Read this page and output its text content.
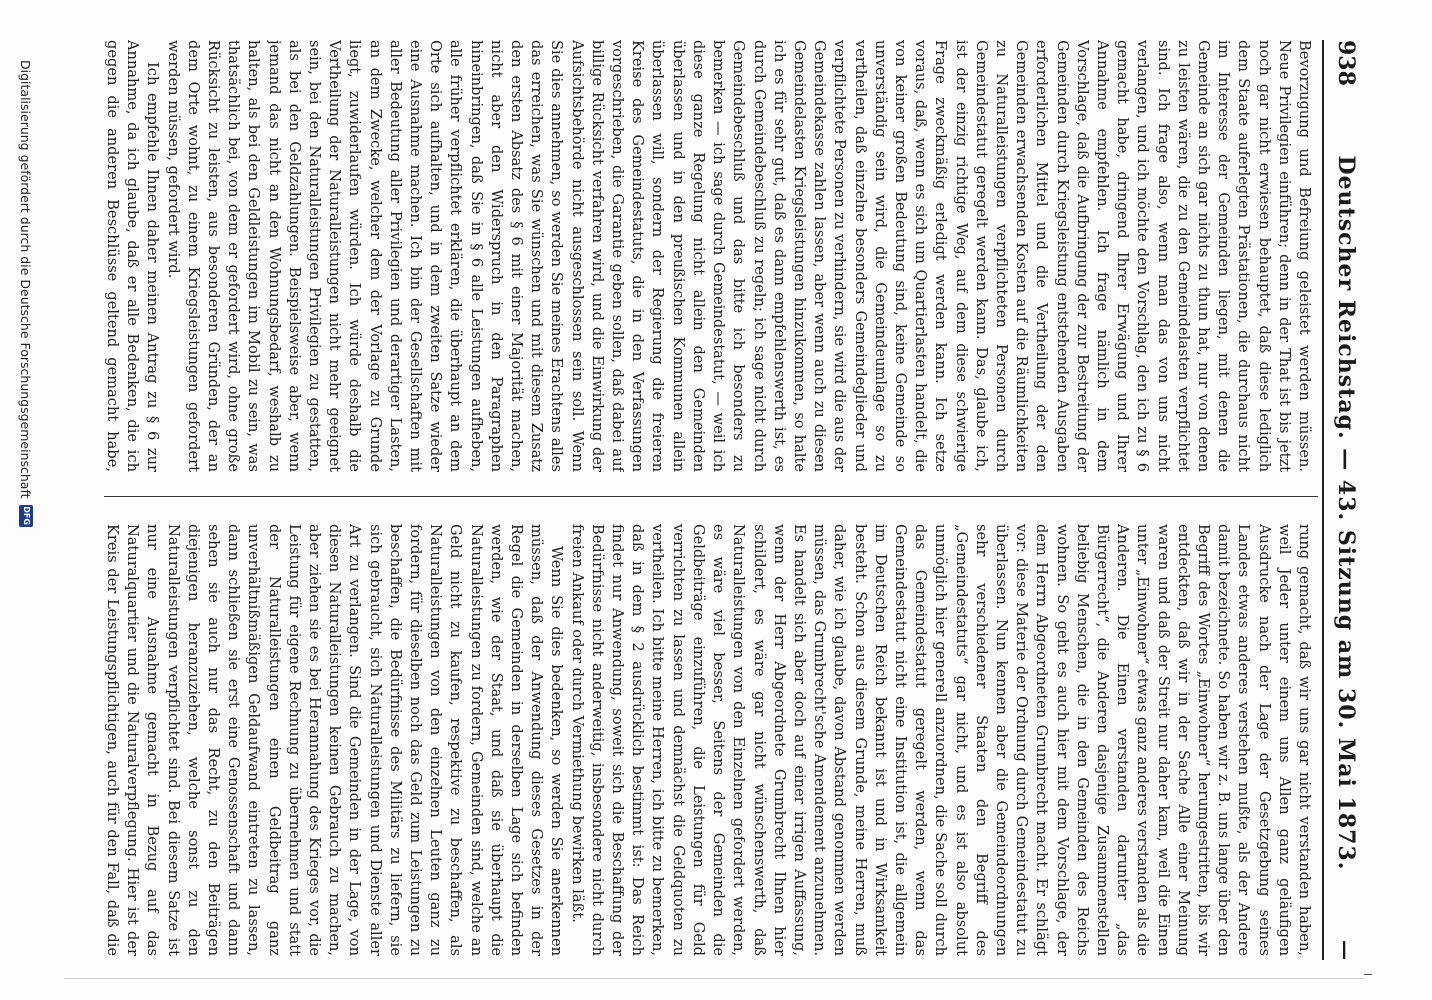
938
Deutscher Reichstag. — 43. Sitzung am 30. Mai 1873.
—

Bevorzugung und Befreiung geleistet werden müssen. Neue Privilegien einführen; denn in der That ist bis jetzt noch gar nicht erwiesen behauptet, daß diese lediglich dem Staate auferlegten Prästationen, die durchaus nicht im Interesse der Gemeinden liegen, mit denen die Gemeinde an sich gar nichts zu thun hat, nur von denen zu leisten wären, die zu den Gemeindelasten verpflichtet sind. Ich frage also, wenn man das von uns nicht verlangen, und ich möchte den Vorschlag, den ich zu § 6 gemacht habe, dringend Ihrer Erwägung und Ihrer Annahme empfehlen. Ich frage nämlich in dem Vorschlage, daß die Aufbringung der zur Bestreitung der Gemeinden durch Kriegsleistung entstehenden Ausgaben erforderlichen Mittel und die Vertheilung der den Gemeinden erwachsenden Kosten auf die Räumlichkeiten zu Naturalleistungen verpflichteten Personen durch Gemeindestatut geregelt werden kann. Das, glaube ich, ist der einzig richtige Weg, auf dem diese schwierige Frage zweckmäßig erledigt werden kann. Ich setze voraus, daß, wenn es sich um Quartierlasten handelt, die von keiner großen Bedeutung sind, keine Gemeinde so unverständig sein wird, die Gemeindeumlage so zu vertheilen, daß einzelne besonders Gemeindeglieder und verpflichtete Personen zu verhindern, sie wird die aus der Gemeindekasse zahlen lassen, aber wenn auch zu diesen Gemeindelasten Kriegsleistungen hinzukommen, so halte ich es für sehr gut, daß es dann empfehlenswerth ist, es durch Gemeindebeschluß zu regeln; ich sage nicht durch Gemeindebeschluß und das bitte ich besonders zu bemerken — ich sage durch Gemeindestatut, — weil ich diese ganze Regelung nicht allein den Gemeinden überlassen und in den preußischen Kommunen allein überlassen will, sondern der Regierung die freieren Kreise des Gemeindestatuts, die in den Verfassungen vorgeschrieben, die Garantie geben sollen, daß dabei auf billige Rücksicht verfahren wird, und die Einwirkung der Aufsichtsbehörde nicht ausgeschlossen sein soll. Wenn Sie dies annehmen, so werden Sie meines Erachtens alles das erreichen, was Sie wünschen und mit diesem Zusatz den ersten Absatz des § 6 mit einer Majorität machen, nicht aber den Widerspruch in den Paragraphen hineinbringen, daß Sie in § 6 alle Leistungen aufheben, alle früher verpflichtet erklären, die überhaupt an dem Orte sich aufhalten, und in dem zweiten Satze wieder eine Ausnahme machen. Ich bin der Gesellschaften mit aller Bedeutung aller Privilegien und derartiger Lasten, an dem Zwecke, welcher dem der Vorlage zu Grunde liegt, zuwiderlaufen würden. Ich würde deshalb die Vertheilung der Naturalleistungen nicht mehr geeignet sein, bei den Naturalleistungen Privilegien zu gestatten, als bei den Geldzahlungen. Beispielsweise aber, wenn jemand das nicht an den Wohnungsbedarf, weshalb zu halten, als bei den Geldleistungen im Mobil zu sein, was thatsächlich bei, von dem er gefordert wird, ohne große Rücksicht zu leisten, aus besonderen Gründen, der an dem Orte wohnt, zu einem Kriegsleistungen gefordert werden müssen, gefordert wird.

Ich empfehle Ihnen daher meinen Antrag zu § 6 zur Annahme, da ich glaube, daß er alle Bedenken, die ich gegen die anderen Beschlüsse geltend gemacht habe,

rung gemacht, daß wir uns gar nicht verstanden haben, weil Jeder unter einem uns Allen ganz geläufigen Ausdrucke nach der Lage der Gesetzgebung seines Landes etwas anderes verstehen mußte, als der Andere damit bezeichnete. So haben wir z. B. uns lange über den Begriff des Wortes „Einwohner“ herumgestritten, bis wir entdeckten, daß wir in der Sache Alle einer Meinung waren und daß der Streit nur daher kam, weil die Einen unter „Einwohner“ etwas ganz anderes verstanden als die Anderen. Die Einen verstanden darunter „das Bürgerrecht“, die Anderen dasjenige Zusammenstellen beliebig Menschen, die in den Gemeinden des Reichs wohnen. So geht es auch hier mit dem Vorschlage, der dem Herrn Abgeordneten Grumbrecht macht. Er schlägt vor: diese Materie der Ordnung durch Gemeindestatut zu überlassen. Nun kennen aber die Gemeindeordnungen sehr verschiedener Staaten den Begriff des „Gemeindestatuts“ gar nicht, und es ist also absolut unmöglich hier generell anzuordnen, die Sache soll durch das Gemeindestatut geregelt werden, wenn das Gemeindestatut nicht eine Institution ist, die allgemein im Deutschen Reich bekannt ist und in Wirksamkeit besteht. Schon aus diesem Grunde, meine Herren, muß daher, wie ich glaube, davon Abstand genommen werden müssen, das Grumbrecht'sche Amendement anzunehmen. Es handelt sich aber doch auf einer irrigen Auffassung, wenn der Herr Abgeordnete Grumbrecht Ihnen hier schildert, es wäre gar nicht wünschenswerth, daß Naturalleistungen von den Einzelnen gefordert werden, es wäre viel besser, Seitens der Gemeinden die Geldbeiträge einzuführen, die Leistungen für Geld verrichten zu lassen und demnächst die Geldquoten zu vertheilen. Ich bitte meine Herren, ich bitte zu bemerken, daß in dem § 2 ausdrücklich bestimmt ist: Das Reich findet nur Anwendung, soweit sich die Beschaffung der Bedürfnisse nicht anderweitig, insbesondere nicht durch freien Ankauf oder durch Vermiethung bewirken läßt.

Wenn Sie dies bedenken, so werden Sie anerkennen müssen, daß der Anwendung dieses Gesetzes in der Regel die Gemeinden in derselben Lage sich befinden werden, wie der Staat, und daß sie überhaupt die Naturalleistungen zu fordern, Gemeinden sind, welche an Geld nicht zu kaufen, respektive zu beschaffen, als Naturalleistungen von den einzelnen Leuten ganz zu fordern, für dieselben noch das Geld zum Leistungen zu beschaffen, die Bedürfnisse des Militärs zu liefern, sie sich gebraucht, sich Naturalleistungen und Dienste aller Art zu verlangen. Sind die Gemeinden in der Lage, von diesen Naturalleistungen keinen Gebrauch zu machen, aber ziehen sie es bei Herannahung des Krieges vor, die Leistung für eigene Rechnung zu übernehmen und statt der Naturalleistungen einen Geldbeitrag ganz unverhältnißmäßigen Geldaufwand eintreten zu lassen, dann schließen sie erst eine Genossenschaft und dann sehen sie auch nur das Recht, zu den Beiträgen diejenigen heranzuziehen, welche sonst zu den Naturalleistungen verpflichtet sind. Bei diesem Satze ist nur eine Ausnahme gemacht in Bezug auf das Naturalquartier und die Naturalverpflegung. Hier ist der Kreis der Leistungspflichtigen, auch für den Fall, daß die

Digitalisierung gefördert durch die Deutsche Forschungsgemeinschaft
DFG
